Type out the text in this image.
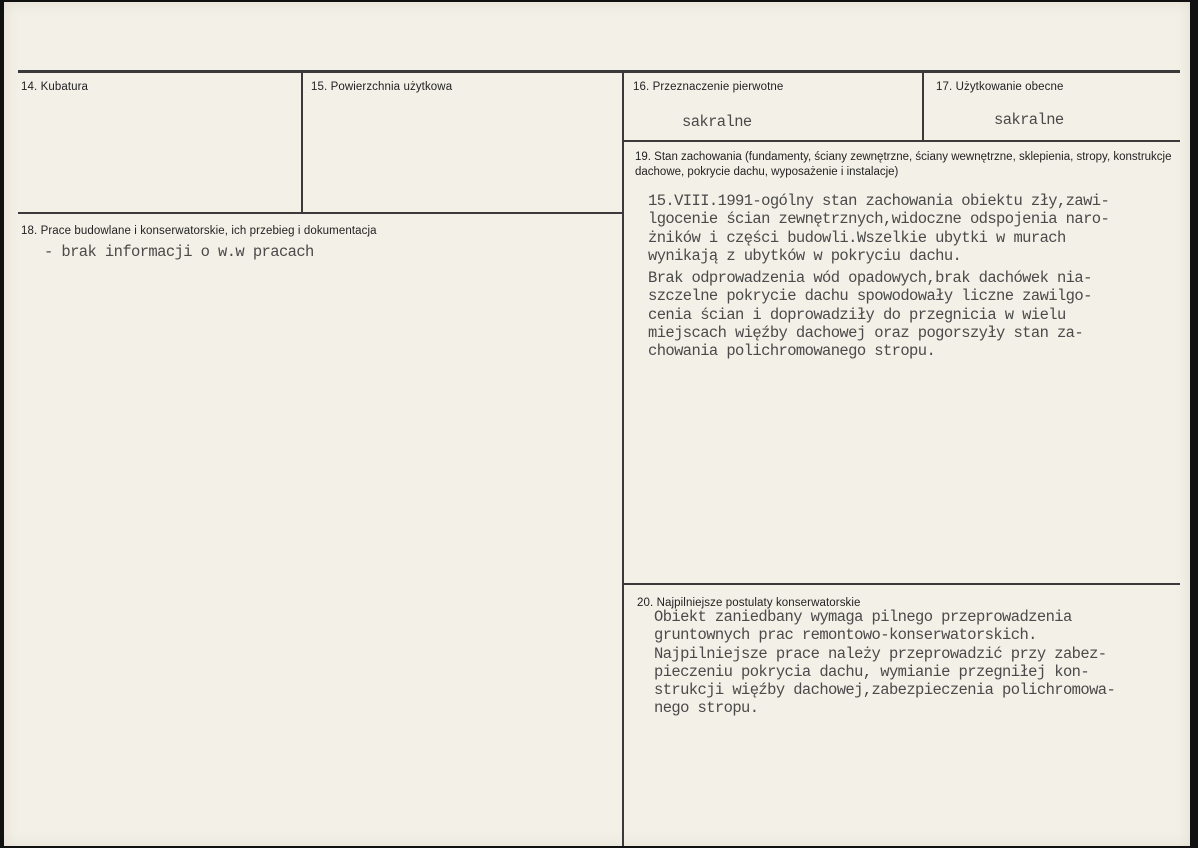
14. Kubatura	15. Powierzchnia użytkowa	16. Przeznaczenie pierwotne
sakralne
17. Użytkowanie obecne
sakralne
19. Stan zachowania (fundamenty, ściany zewnętrzne, ściany wewnętrzne, sklepienia, stropy, konstrukcje dachowe, pokrycie dachu, wyposażenie i instalacje)
15.VIII.1991-ogólny stan zachowania obiektu zły,zawi-
lgocenie ścian zewnętrznych,widoczne odspojenia naro-
żników i części budowli.Wszelkie ubytki w murach
wynikają z ubytków w pokryciu dachu.
Brak odprowadzenia wód opadowych,brak dachówek nia-
szczelne pokrycie dachu spowodowały liczne zawilgo-
cenia ścian i doprowadziły do przegnicia w wielu
miejscach więźby dachowej oraz pogorszyły stan za-
chowania polichromowanego stropu.
18. Prace budowlane i konserwatorskie, ich przebieg i dokumentacja
- brak informacji o w.w pracach
20. Najpilniejsze postulaty konserwatorskie
Obiekt zaniedbany wymaga pilnego przeprowadzenia
gruntownych prac remontowo-konserwatorskich.
Najpilniejsze prace należy przeprowadzić przy zabez-
pieczeniu pokrycia dachu, wymianie przegniłej kon-
strukcji więźby dachowej,zabezpieczenia polichromowa-
nego stropu.
